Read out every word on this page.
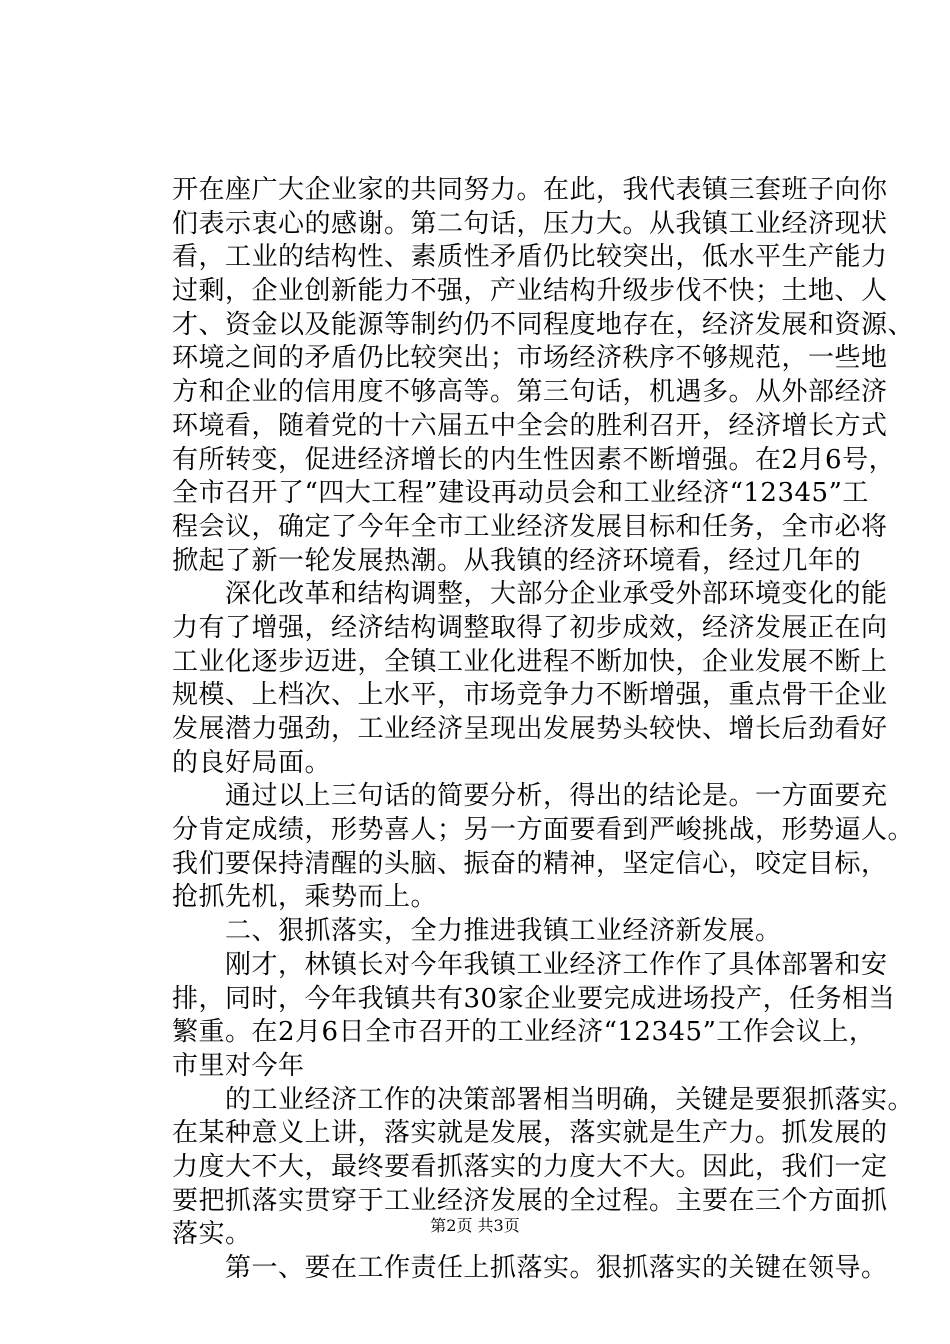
开在座广大企业家的共同努力。在此，我代表镇三套班子向你
们表示衷心的感谢。第二句话，压力大。从我镇工业经济现状
看，工业的结构性、素质性矛盾仍比较突出，低水平生产能力
过剩，企业创新能力不强，产业结构升级步伐不快；土地、人
才、资金以及能源等制约仍不同程度地存在，经济发展和资源、
环境之间的矛盾仍比较突出；市场经济秩序不够规范，一些地
方和企业的信用度不够高等。第三句话，机遇多。从外部经济
环境看，随着党的十六届五中全会的胜利召开，经济增长方式
有所转变，促进经济增长的内生性因素不断增强。在2月6号，
全市召开了“四大工程”建设再动员会和工业经济“12345”工
程会议，确定了今年全市工业经济发展目标和任务，全市必将
掀起了新一轮发展热潮。从我镇的经济环境看，经过几年的
　　深化改革和结构调整，大部分企业承受外部环境变化的能
力有了增强，经济结构调整取得了初步成效，经济发展正在向
工业化逐步迈进，全镇工业化进程不断加快，企业发展不断上
规模、上档次、上水平，市场竞争力不断增强，重点骨干企业
发展潜力强劲，工业经济呈现出发展势头较快、增长后劲看好
的良好局面。
　　通过以上三句话的简要分析，得出的结论是。一方面要充
分肯定成绩，形势喜人；另一方面要看到严峻挑战，形势逼人。
我们要保持清醒的头脑、振奋的精神，坚定信心，咬定目标，
抢抓先机，乘势而上。
　　二、狠抓落实，全力推进我镇工业经济新发展。
　　刚才，林镇长对今年我镇工业经济工作作了具体部署和安
排，同时，今年我镇共有30家企业要完成进场投产，任务相当
繁重。在2月6日全市召开的工业经济“12345”工作会议上，
市里对今年
　　的工业经济工作的决策部署相当明确，关键是要狠抓落实。
在某种意义上讲，落实就是发展，落实就是生产力。抓发展的
力度大不大，最终要看抓落实的力度大不大。因此，我们一定
要把抓落实贯穿于工业经济发展的全过程。主要在三个方面抓
落实。
　　第一、要在工作责任上抓落实。狠抓落实的关键在领导。
第2页 共3页
